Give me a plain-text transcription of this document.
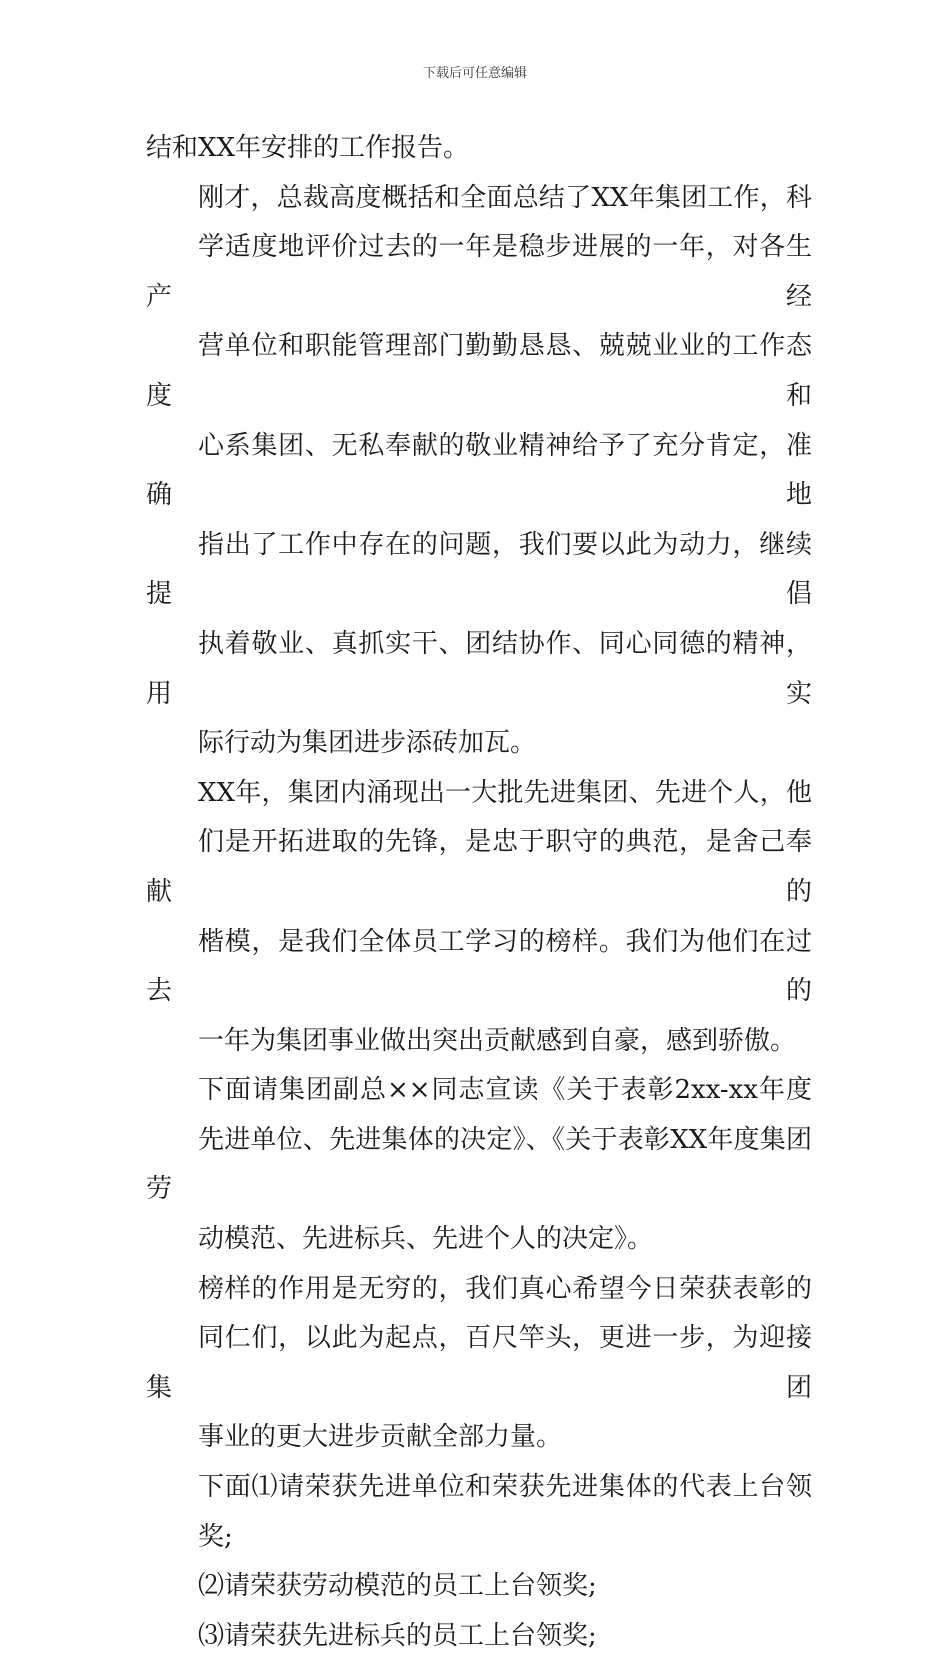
下载后可任意编辑

结和XX年安排的工作报告。

刚才，总裁高度概括和全面总结了XX年集团工作，科
学适度地评价过去的一年是稳步进展的一年，对各生产经
营单位和职能管理部门勤勤恳恳、兢兢业业的工作态度和
心系集团、无私奉献的敬业精神给予了充分肯定，准确地
指出了工作中存在的问题，我们要以此为动力，继续提倡
执着敬业、真抓实干、团结协作、同心同德的精神，用实
际行动为集团进步添砖加瓦。

XX年，集团内涌现出一大批先进集团、先进个人，他
们是开拓进取的先锋，是忠于职守的典范，是舍己奉献的
楷模，是我们全体员工学习的榜样。我们为他们在过去的
一年为集团事业做出突出贡献感到自豪，感到骄傲。

下面请集团副总××同志宣读《关于表彰2xx-xx年度
先进单位、先进集体的决定》、《关于表彰XX年度集团劳
动模范、先进标兵、先进个人的决定》。

榜样的作用是无穷的，我们真心希望今日荣获表彰的
同仁们，以此为起点，百尺竿头，更进一步，为迎接集团
事业的更大进步贡献全部力量。

下面⑴请荣获先进单位和荣获先进集体的代表上台领
奖;

⑵请荣获劳动模范的员工上台领奖;

⑶请荣获先进标兵的员工上台领奖;
